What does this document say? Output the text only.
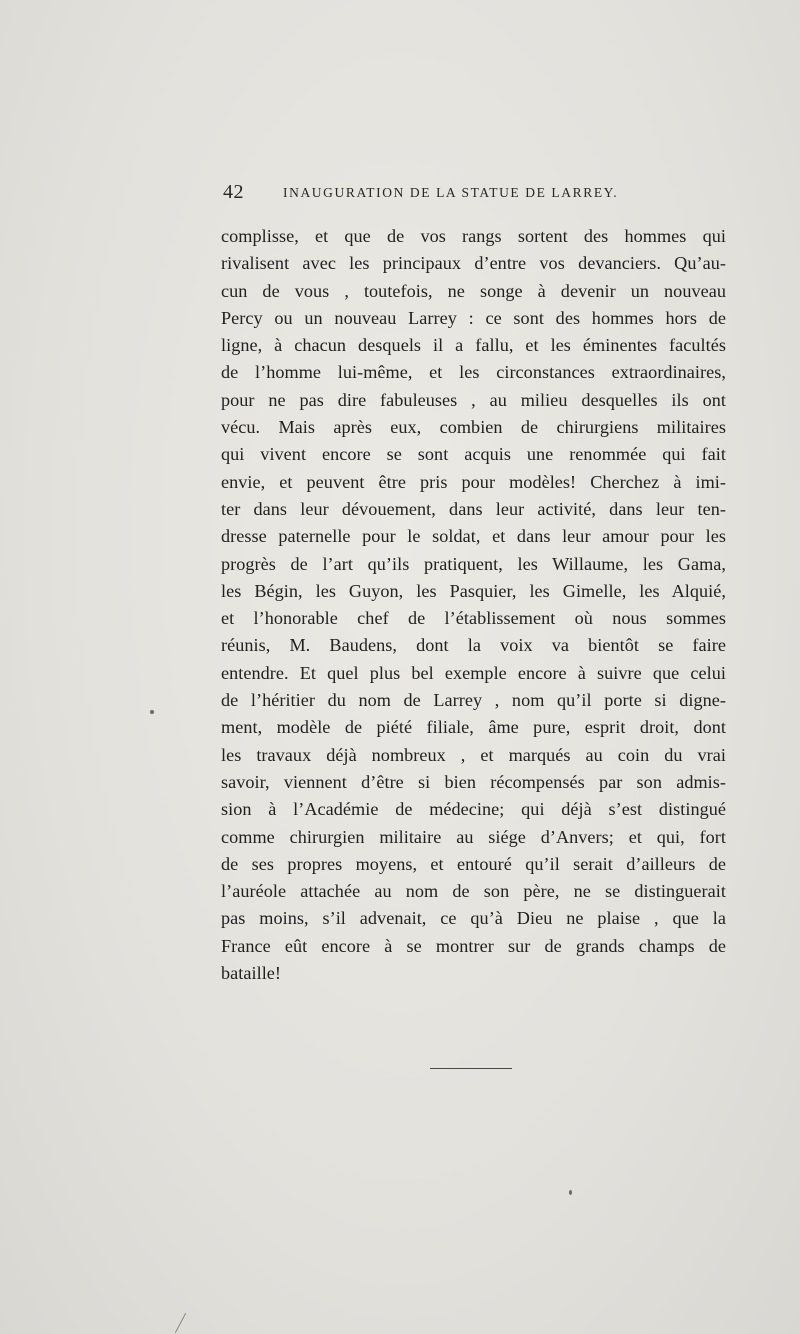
42	INAUGURATION DE LA STATUE DE LARREY.
complisse, et que de vos rangs sortent des hommes qui
rivalisent avec les principaux d’entre vos devanciers. Qu’au-
cun de vous , toutefois, ne songe à devenir un nouveau
Percy ou un nouveau Larrey : ce sont des hommes hors de
ligne, à chacun desquels il a fallu, et les éminentes facultés
de l’homme lui-même, et les circonstances extraordinaires,
pour ne pas dire fabuleuses , au milieu desquelles ils ont
vécu. Mais après eux, combien de chirurgiens militaires
qui vivent encore se sont acquis une renommée qui fait
envie, et peuvent être pris pour modèles! Cherchez à imi-
ter dans leur dévouement, dans leur activité, dans leur ten-
dresse paternelle pour le soldat, et dans leur amour pour les
progrès de l’art qu’ils pratiquent, les Willaume, les Gama,
les Bégin, les Guyon, les Pasquier, les Gimelle, les Alquié,
et l’honorable chef de l’établissement où nous sommes
réunis, M. Baudens, dont la voix va bientôt se faire
entendre. Et quel plus bel exemple encore à suivre que celui
de l’héritier du nom de Larrey , nom qu’il porte si digne-
ment, modèle de piété filiale, âme pure, esprit droit, dont
les travaux déjà nombreux , et marqués au coin du vrai
savoir, viennent d’être si bien récompensés par son admis-
sion à l’Académie de médecine; qui déjà s’est distingué
comme chirurgien militaire au siége d’Anvers; et qui, fort
de ses propres moyens, et entouré qu’il serait d’ailleurs de
l’auréole attachée au nom de son père, ne se distinguerait
pas moins, s’il advenait, ce qu’à Dieu ne plaise , que la
France eût encore à se montrer sur de grands champs de
bataille!
